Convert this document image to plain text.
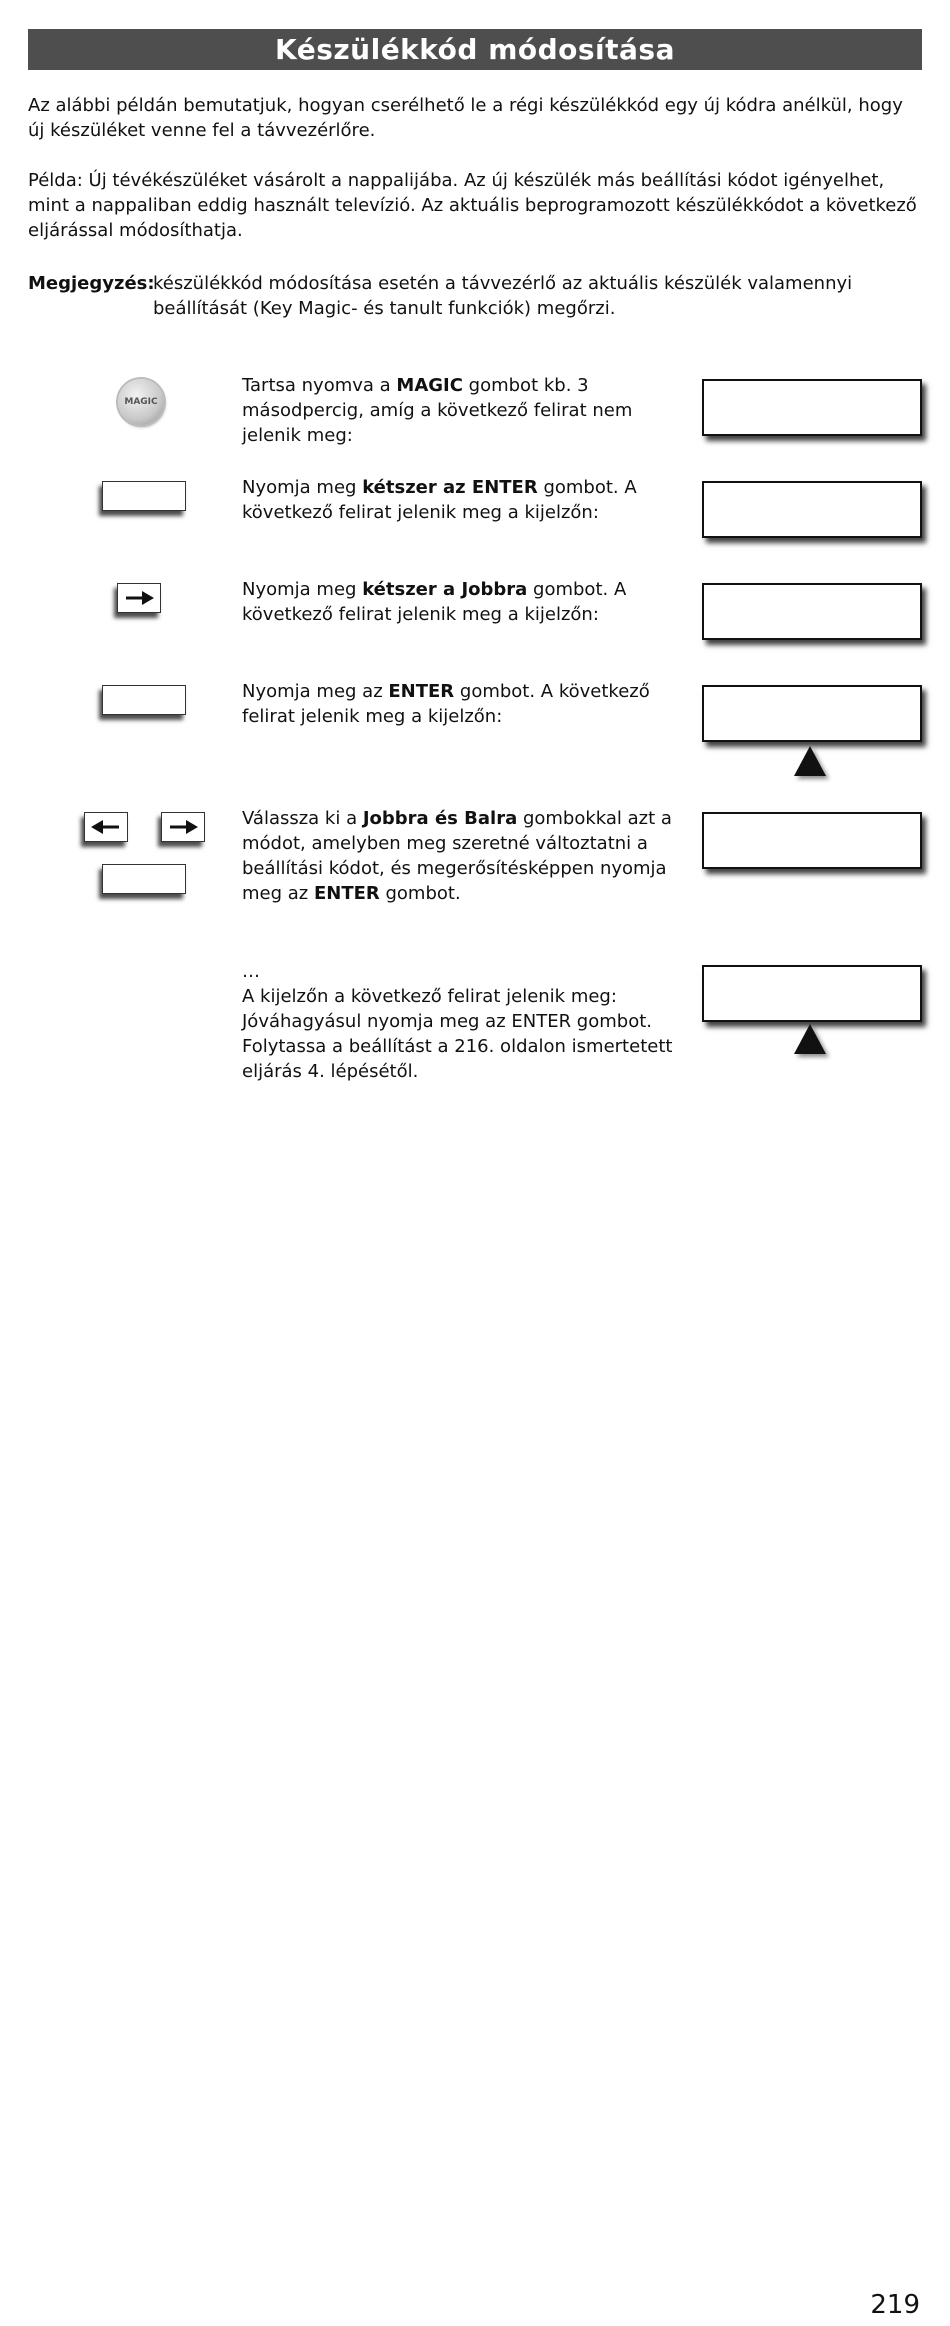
Készülékkód módosítása

Az alábbi példán bemutatjuk, hogyan cserélhető le a régi készülékkód egy új kódra anélkül, hogy új készüléket venne fel a távvezérlőre.

Példa: Új tévékészüléket vásárolt a nappalijába. Az új készülék más beállítási kódot igényelhet, mint a nappaliban eddig használt televízió. Az aktuális beprogramozott készülékkódot a következő eljárással módosíthatja.

Megjegyzés:
készülékkód módosítása esetén a távvezérlő az aktuális készülék valamennyi beállítását (Key Magic- és tanult funkciók) megőrzi.
MAGIC
Tartsa nyomva a MAGIC gombot kb. 3 másodpercig, amíg a következő felirat nem jelenik meg:
Nyomja meg kétszer az ENTER gombot. A következő felirat jelenik meg a kijelzőn:
Nyomja meg kétszer a Jobbra gombot. A következő felirat jelenik meg a kijelzőn:
Nyomja meg az ENTER gombot. A következő felirat jelenik meg a kijelzőn:
Válassza ki a Jobbra és Balra gombokkal azt a módot, amelyben meg szeretné változtatni a beállítási kódot, és megerősítésképpen nyomja meg az ENTER gombot.
…
A kijelzőn a következő felirat jelenik meg: Jóváhagyásul nyomja meg az ENTER gombot. Folytassa a beállítást a 216. oldalon ismertetett eljárás 4. lépésétől.
219
